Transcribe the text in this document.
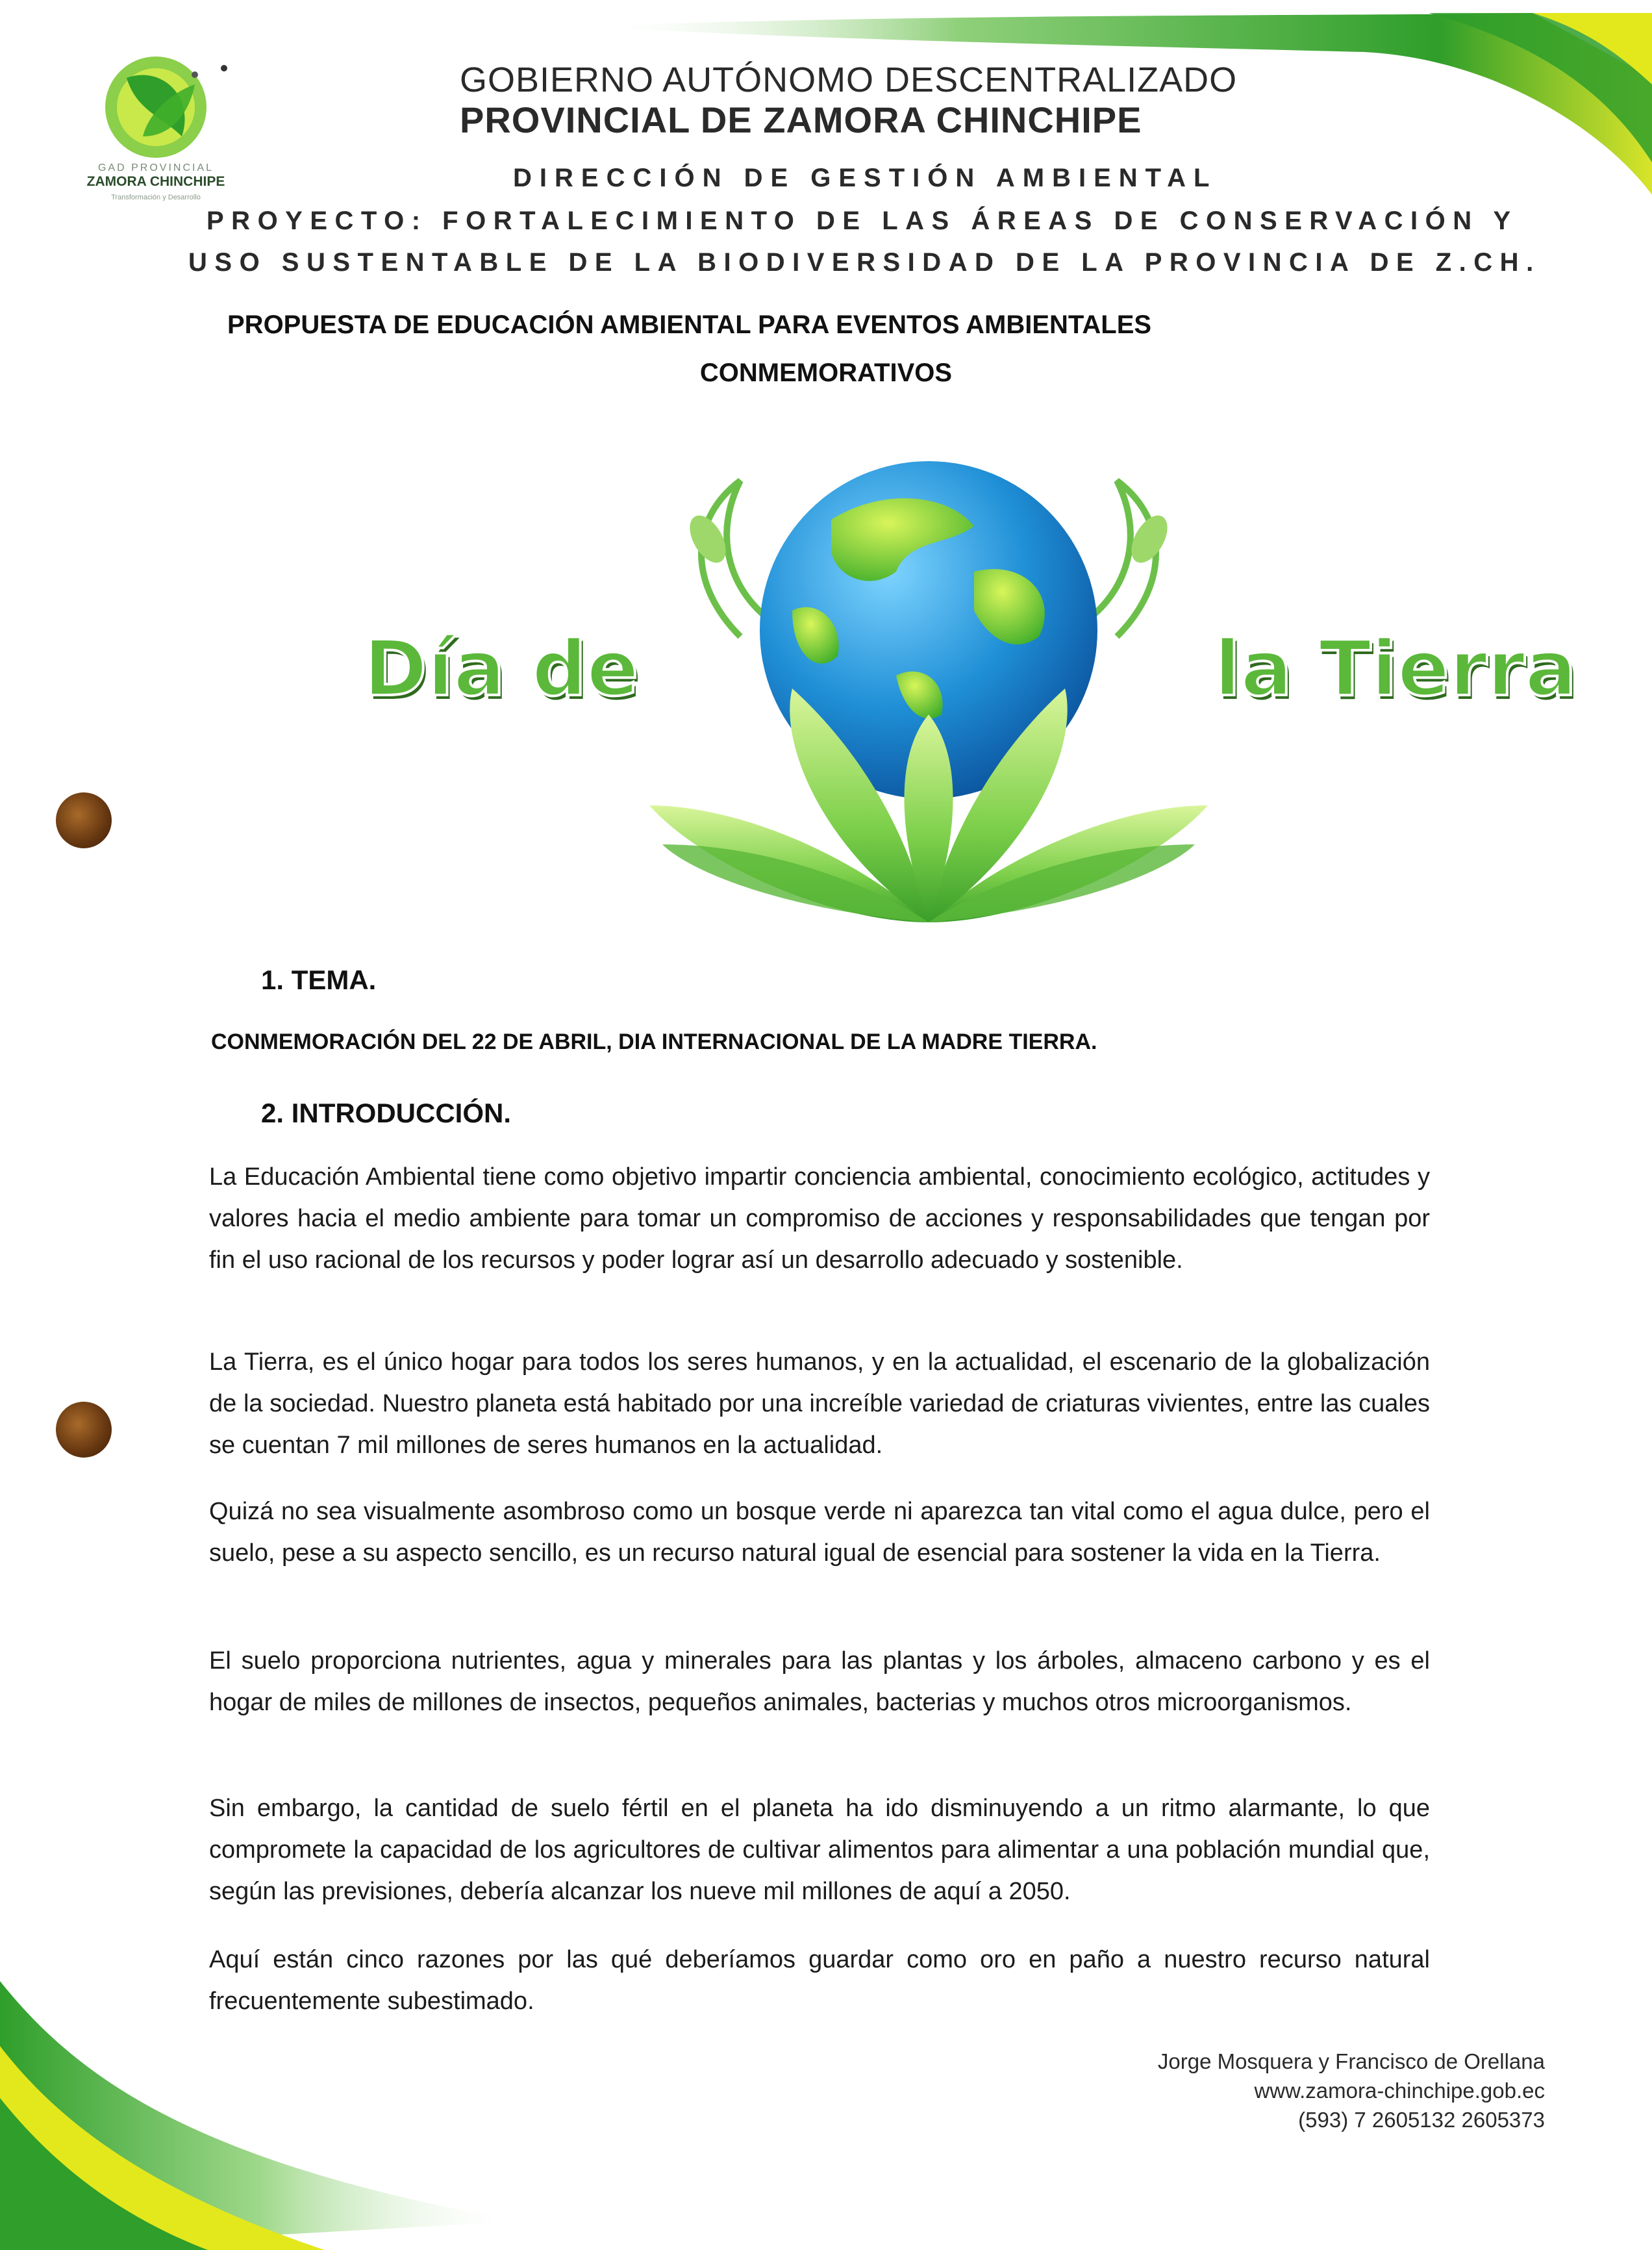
GAD PROVINCIAL
ZAMORA CHINCHIPE
Transformación y Desarrollo
GOBIERNO AUTÓNOMO DESCENTRALIZADO
PROVINCIAL DE ZAMORA CHINCHIPE
DIRECCIÓN DE GESTIÓN AMBIENTAL
PROYECTO: FORTALECIMIENTO DE LAS ÁREAS DE CONSERVACIÓN Y
USO SUSTENTABLE DE LA BIODIVERSIDAD DE LA PROVINCIA DE Z.CH.
PROPUESTA DE EDUCACIÓN AMBIENTAL PARA EVENTOS AMBIENTALES
CONMEMORATIVOS
Día de	la Tierra
1. TEMA.
CONMEMORACIÓN DEL 22 DE ABRIL, DIA INTERNACIONAL DE LA MADRE TIERRA.
2. INTRODUCCIÓN.
La Educación Ambiental tiene como objetivo impartir conciencia ambiental, conocimiento ecológico, actitudes y valores hacia el medio ambiente para tomar un compromiso de acciones y responsabilidades que tengan por fin el uso racional de los recursos y poder lograr así un desarrollo adecuado y sostenible.
La Tierra, es el único hogar para todos los seres humanos, y en la actualidad, el escenario de la globalización de la sociedad. Nuestro planeta está habitado por una increíble variedad de criaturas vivientes, entre las cuales se cuentan 7 mil millones de seres humanos en la actualidad.
Quizá no sea visualmente asombroso como un bosque verde ni aparezca tan vital como el agua dulce, pero el suelo, pese a su aspecto sencillo, es un recurso natural igual de esencial para sostener la vida en la Tierra.
El suelo proporciona nutrientes, agua y minerales para las plantas y los árboles, almaceno carbono y es el hogar de miles de millones de insectos, pequeños animales, bacterias y muchos otros microorganismos.
Sin embargo, la cantidad de suelo fértil en el planeta ha ido disminuyendo a un ritmo alarmante, lo que compromete la capacidad de los agricultores de cultivar alimentos para alimentar a una población mundial que, según las previsiones, debería alcanzar los nueve mil millones de aquí a 2050.
Aquí están cinco razones por las qué deberíamos guardar como oro en paño a nuestro recurso natural frecuentemente subestimado.
Jorge Mosquera y Francisco de Orellana
www.zamora-chinchipe.gob.ec
(593) 7 2605132 2605373
